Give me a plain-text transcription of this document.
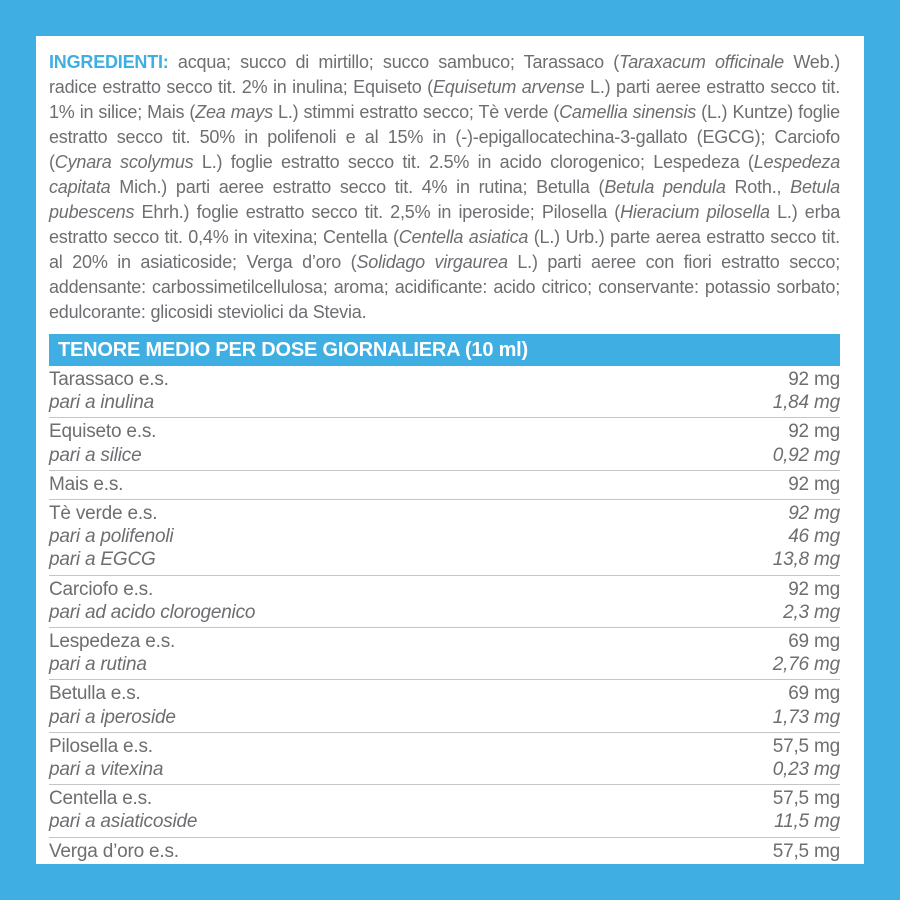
INGREDIENTI: acqua; succo di mirtillo; succo sambuco; Tarassaco (Taraxacum officinale Web.) radice estratto secco tit. 2% in inulina; Equiseto (Equisetum arvense L.) parti aeree estratto secco tit. 1% in silice; Mais (Zea mays L.) stimmi estratto secco; Tè verde (Camellia sinensis (L.) Kuntze) foglie estratto secco tit. 50% in polifenoli e al 15% in (-)-epigallocatechina-3-gallato (EGCG); Carciofo (Cynara scolymus L.) foglie estratto secco tit. 2.5% in acido clorogenico; Lespedeza (Lespedeza capitata Mich.) parti aeree estratto secco tit. 4% in rutina; Betulla (Betula pendula Roth., Betula pubescens Ehrh.) foglie estratto secco tit. 2,5% in iperoside; Pilosella (Hieracium pilosella L.) erba estratto secco tit. 0,4% in vitexina; Centella (Centella asiatica (L.) Urb.) parte aerea estratto secco tit. al 20% in asiaticoside; Verga d’oro (Solidago virgaurea L.) parti aeree con fiori estratto secco; addensante: carbossimetilcellulosa; aroma; acidificante: acido citrico; conservante: potassio sorbato; edulcorante: glicosidi steviolici da Stevia.

TENORE MEDIO PER DOSE GIORNALIERA (10 ml)
Tarassaco e.s.	92 mg
pari a inulina	1,84 mg
Equiseto e.s.	92 mg
pari a silice	0,92 mg
Mais e.s.	92 mg
Tè verde e.s.	92 mg
pari a polifenoli	46 mg
pari a EGCG	13,8 mg
Carciofo e.s.	92 mg
pari ad acido clorogenico	2,3 mg
Lespedeza e.s.	69 mg
pari a rutina	2,76 mg
Betulla e.s.	69 mg
pari a iperoside	1,73 mg
Pilosella e.s.	57,5 mg
pari a vitexina	0,23 mg
Centella e.s.	57,5 mg
pari a asiaticoside	11,5 mg
Verga d’oro e.s.	57,5 mg
